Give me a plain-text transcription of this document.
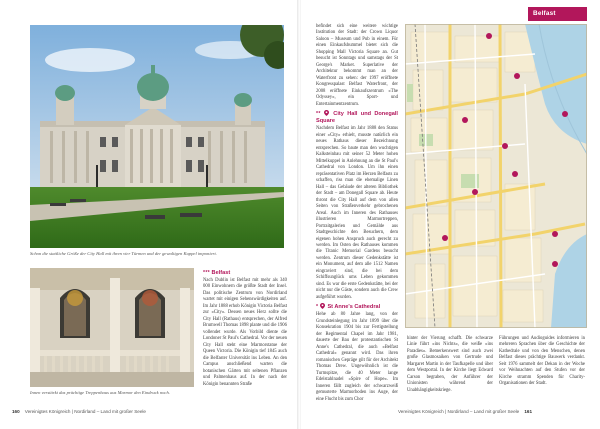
Schon die stattliche Größe der City Hall mit ihren vier Türmen und der gewaltigen Kuppel imponiert.
Innen verstärkt das prächtige Treppenhaus aus Marmor den Eindruck noch.
*** Belfast

Nach Dublin ist Belfast mit mehr als 340 000 Einwohnern die größte Stadt der Insel. Das politische Zentrum von Nordirland wartet mit einigen Sehenswürdigkeiten auf. Im Jahr 1888 erhob Königin Victoria Belfast zur »City«. Dessen neues Herz sollte die City Hall (Rathaus) entsprechen, der Alfred Brumwell Thomas 1898 plante und die 1906 vollendet wurde. Als Vorbild diente die Londoner St Paul's Cathedral. Vor der neuen City Hall steht eine Marmorstatue der Queen Victoria. Die Königin tief 1845 auch die Belfaster Universität ins Leben. An den Campus anschließend warten die botanischen Gärten mit seltenen Pflanzen und Palmenhaus auf. In der nach der Königin benannten Straße

160 Vereinigtes Königreich | Nordirland – Land mit großer Seele

befindet sich eine weitere wichtige Institution der Stadt: der Crown Liquor Saloon – Museum und Pub in einem. Für einen Einkaufsbummel bietet sich die Shopping Mall Victoria Square an. Gut besucht ist Sonntags und samstags der St George's Market. Superlative der Architektur bekommt man an der Waterfront zu sehen: der 1997 eröffnete Kongresspalast Belfast Waterfront, der 2008 eröffnete Einkaufszentrum »The Odyssey«, ein Sport- und Entertainmentzentrum.

** City Hall und Donegall Square

Nachdem Belfast im Jahr 1888 den Status einer »City« erhielt, musste natürlich ein neues Rathaus dieser Bezeichnung entsprechen. So baute man den wuchtigen Kalksteinbau mit seiner 52 Meter hohen Mittelkuppel in Anlehnung an die St Paul's Cathedral von London. Um ihn einen repräsentativen Platz im Herzen Belfasts zu schaffen, riss man die ehemalige Linen Hall – das Gebäude der alteren Bibliothek der Stadt – am Donegall Square ab. Heute thront die City Hall auf dem von allen Seiten von Straßenverkehr gebrochenen Areal. Auch im Inneren des Rathauses illustrieren Marmortreppen, Portraitgalerien und Gemälde aus Stadtgeschichte den Besuchern, dem eigenen hohen Anspruch auch gerecht zu werden. Im Osten des Rathauses kommen die Titanic Memorial Gardens besucht werden. Zentrum dieser Gedenkstätte ist ein Monument, auf dem alle 1512 Namen eingraviert sind, die bei dem Schiffsunglück ums Leben gekommen sind. Es war die erste Gedenkstätte, bei der nicht nur die Gäste, sondern auch die Crew aufgeführt wurden.

* St Anne's Cathedral

Hehe ab 80 Jahre lang, von der Grundsteinlegung im Jahr 1899 über die Konsekration 1904 bis zur Fertigstellung der Regimental Chapel im Jahr 1981, dauerte der Bau der protestantischen St Anne's Cathedral, die auch »Belfast Cathedral« genannt wird. Das ihren romanischen Gepräge gilt für der Architekt Thomas Drew. Ungewöhnlich ist die Turmspitze, die 40 Meter lange Edelstahlnadel »Spire of Hope«. Im Inneren fällt zugleich der schwarzweiß gemusterte Marmorboden ins Auge, der eine Flucht bis zum Chor

hinter der Vierung schafft. Die schwarze Linie führt »ins Nichts«, die weiße »ins Paradies«. Bemerkenswert sind auch zwei große Glasmosaiken von Gertrude und Margaret Martin in der Taufkapelle und über dem Westportal. In der Kirche liegt Edward Carson begraben, der Anführer der Unionisten während der Unabhängigkeitskriege.

Führungen und Audioguides informieren in mehreren Sprachen über die Geschichte der Kathedrale und von den Menschen, denen Belfast dieses prächtige Bauwerk verdankt. Seit 1976 sammelt der Dekan in der Woche vor Weihnachten auf den Stufen vor der Kirche stramm Spenden für Charity-Organisationen der Stadt.

Belfast
Vereinigtes Königreich | Nordirland – Land mit großer Seele 161
